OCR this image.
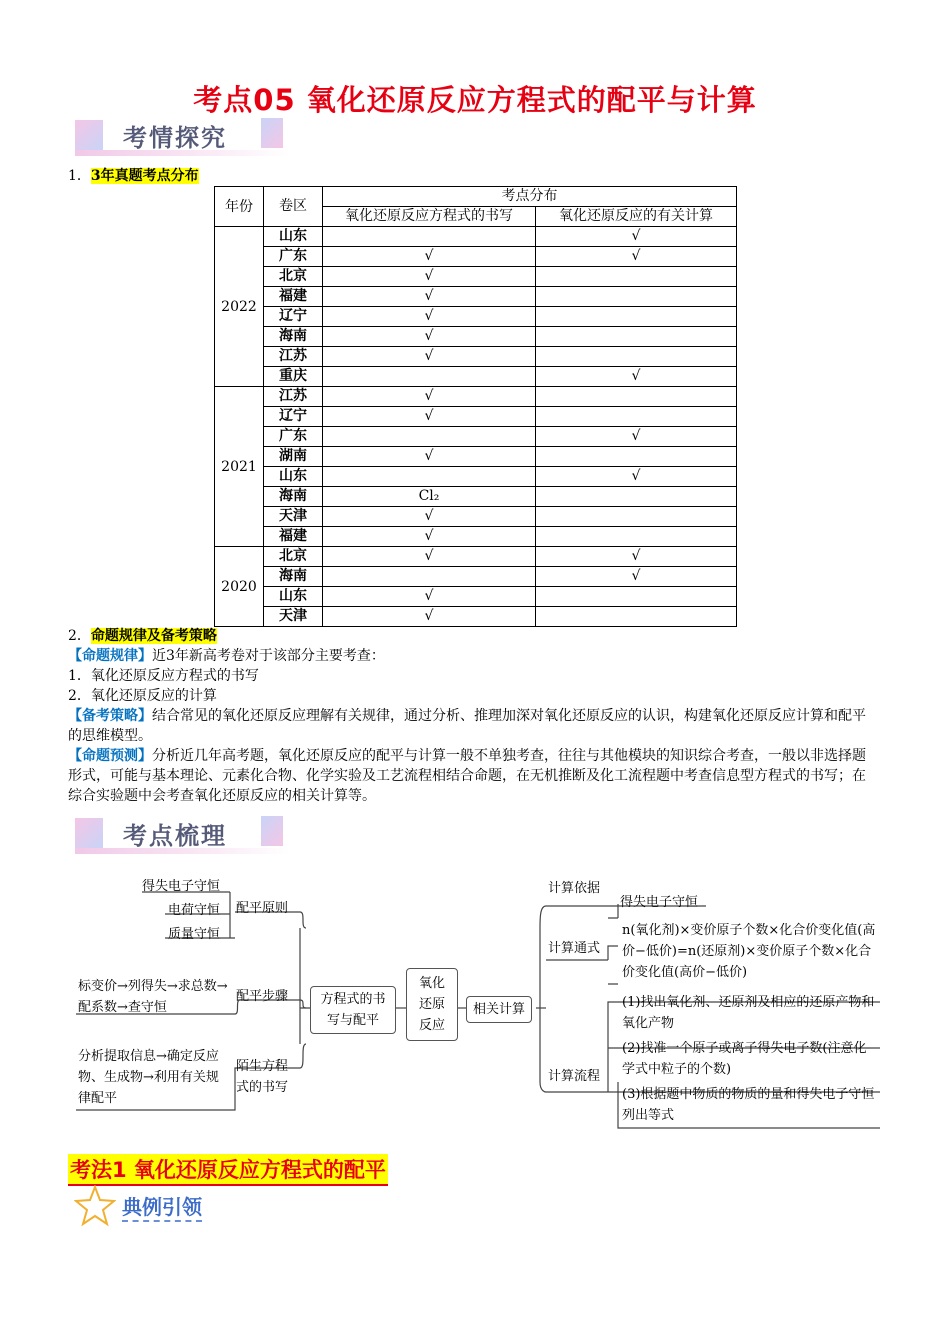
考点05 氧化还原反应方程式的配平与计算
考情探究
1．3年真题考点分布
年份	卷区	考点分布	
		氧化还原反应方程式的书写	氧化还原反应的有关计算
2022	山东		√
	广东	√	√
	北京	√	
	福建	√	
	辽宁	√	
	海南	√	
	江苏	√	
	重庆		√
2021	江苏	√	
	辽宁	√	
	广东		√
	湖南	√	
	山东		√
	海南	Cl₂	
	天津	√	
	福建	√	
2020	北京	√	√
	海南		√
	山东	√	
	天津	√	
2．命题规律及备考策略
【命题规律】近3年新高考卷对于该部分主要考查：
1．氧化还原反应方程式的书写
2．氧化还原反应的计算
【备考策略】结合常见的氧化还原反应理解有关规律，通过分析、推理加深对氧化还原反应的认识，构建氧化还原反应计算和配平的思维模型。
【命题预测】分析近几年高考题，氧化还原反应的配平与计算一般不单独考查，往往与其他模块的知识综合考查，一般以非选择题形式，可能与基本理论、元素化合物、化学实验及工艺流程相结合命题，在无机推断及化工流程题中考查信息型方程式的书写；在综合实验题中会考查氧化还原反应的相关计算等。
考点梳理
得失电子守恒
电荷守恒
质量守恒
配平原则
标变价→列得失→求总数→配系数→查守恒
配平步骤
分析提取信息→确定反应物、生成物→利用有关规律配平
陌生方程式的书写
方程式的书写与配平
氧化还原反应
相关计算
计算依据
得失电子守恒
计算通式
n(氧化剂)×变价原子个数×化合价变化值(高价−低价)=n(还原剂)×变价原子个数×化合价变化值(高价−低价)
计算流程
(1)找出氧化剂、还原剂及相应的还原产物和氧化产物
(2)找准一个原子或离子得失电子数(注意化学式中粒子的个数)
(3)根据题中物质的物质的量和得失电子守恒列出等式
考法1 氧化还原反应方程式的配平
典例引领
